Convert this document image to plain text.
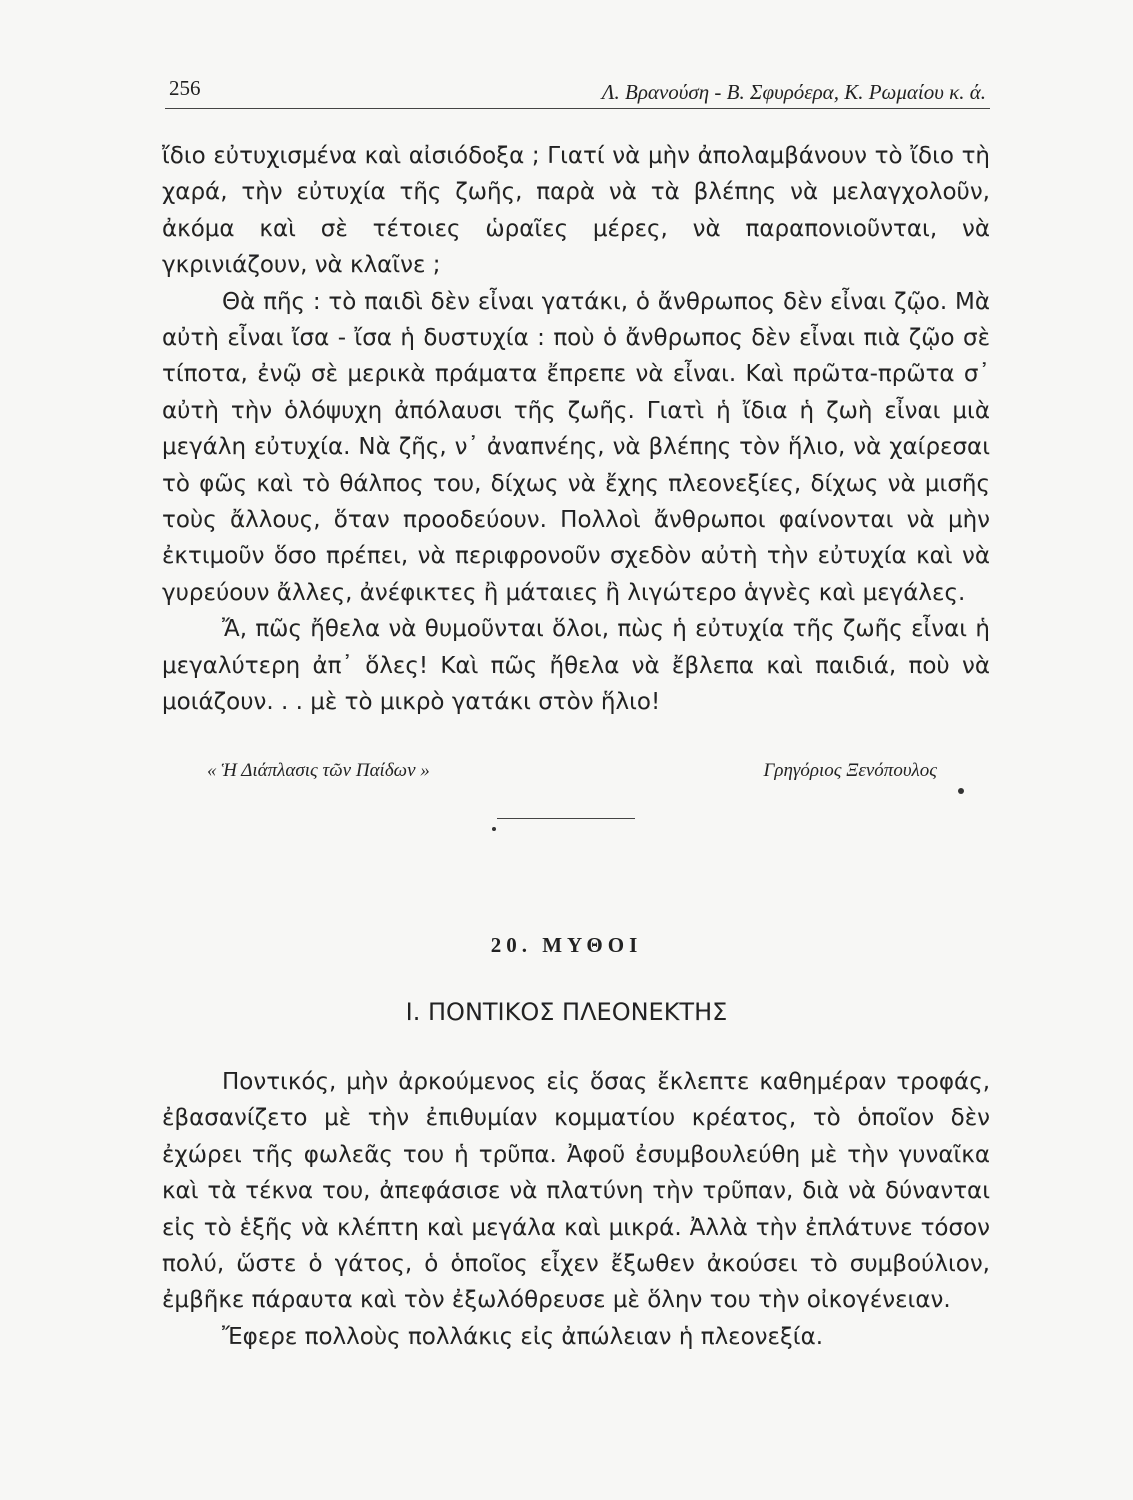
256	Λ. Βρανούση - Β. Σφυρόερα, Κ. Ρωμαίου κ. ά.

ἴδιο εὐτυχισμένα καὶ αἰσιόδοξα ; Γιατί νὰ μὴν ἀπολαμβάνουν τὸ ἴδιο τὴ χαρά, τὴν εὐτυχία τῆς ζωῆς, παρὰ νὰ τὰ βλέπης νὰ μελαγχολοῦν, ἀκόμα καὶ σὲ τέτοιες ὡραῖες μέρες, νὰ παραπονιοῦνται, νὰ γκρινιάζουν, νὰ κλαῖνε ;

Θὰ πῆς : τὸ παιδὶ δὲν εἶναι γατάκι, ὁ ἄνθρωπος δὲν εἶναι ζῷο. Μὰ αὐτὴ εἶναι ἴσα - ἴσα ἡ δυστυχία : ποὺ ὁ ἄνθρωπος δὲν εἶναι πιὰ ζῷο σὲ τίποτα, ἐνῷ σὲ μερικὰ πράματα ἔπρεπε νὰ εἶναι. Καὶ πρῶτα-πρῶτα σ᾽ αὐτὴ τὴν ὁλόψυχη ἀπόλαυσι τῆς ζωῆς. Γιατὶ ἡ ἴδια ἡ ζωὴ εἶναι μιὰ μεγάλη εὐτυχία. Νὰ ζῆς, ν᾽ ἀναπνέης, νὰ βλέπης τὸν ἥλιο, νὰ χαίρεσαι τὸ φῶς καὶ τὸ θάλπος του, δίχως νὰ ἔχης πλεονεξίες, δίχως νὰ μισῆς τοὺς ἄλλους, ὅταν προοδεύουν. Πολλοὶ ἄνθρωποι φαίνονται νὰ μὴν ἐκτιμοῦν ὅσο πρέπει, νὰ περιφρονοῦν σχεδὸν αὐτὴ τὴν εὐτυχία καὶ νὰ γυρεύουν ἄλλες, ἀνέφικτες ἢ μάταιες ἢ λιγώτερο ἁγνὲς καὶ μεγάλες.

Ἄ, πῶς ἤθελα νὰ θυμοῦνται ὅλοι, πὼς ἡ εὐτυχία τῆς ζωῆς εἶναι ἡ μεγαλύτερη ἀπ᾽ ὅλες! Καὶ πῶς ἤθελα νὰ ἔβλεπα καὶ παιδιά, ποὺ νὰ μοιάζουν. . . μὲ τὸ μικρὸ γατάκι στὸν ἥλιο!

« Ἡ Διάπλασις τῶν Παίδων »	Γρηγόριος Ξενόπουλος
20. ΜΥΘΟΙ
Ι. ΠΟΝΤΙΚΟΣ ΠΛΕΟΝΕΚΤΗΣ

Ποντικός, μὴν ἀρκούμενος εἰς ὅσας ἔκλεπτε καθημέραν τροφάς, ἐβασανίζετο μὲ τὴν ἐπιθυμίαν κομματίου κρέατος, τὸ ὁποῖον δὲν ἐχώρει τῆς φωλεᾶς του ἡ τρῦπα. Ἀφοῦ ἐσυμβουλεύθη μὲ τὴν γυναῖκα καὶ τὰ τέκνα του, ἀπεφάσισε νὰ πλατύνη τὴν τρῦπαν, διὰ νὰ δύνανται εἰς τὸ ἑξῆς νὰ κλέπτη καὶ μεγάλα καὶ μικρά. Ἀλλὰ τὴν ἐπλάτυνε τόσον πολύ, ὥστε ὁ γάτος, ὁ ὁποῖος εἶχεν ἔξωθεν ἀκούσει τὸ συμβούλιον, ἐμβῆκε πάραυτα καὶ τὸν ἐξωλόθρευσε μὲ ὅλην του τὴν οἰκογένειαν.

Ἔφερε πολλοὺς πολλάκις εἰς ἀπώλειαν ἡ πλεονεξία.
